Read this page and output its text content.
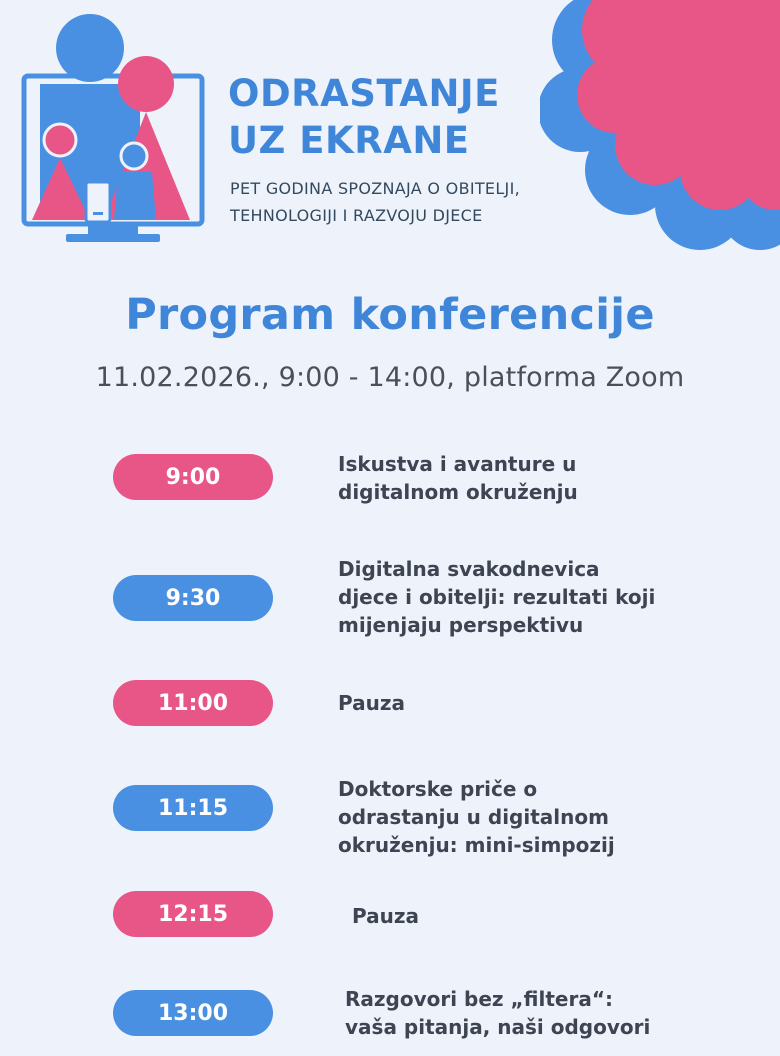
ODRASTANJE
UZ EKRANE
PET GODINA SPOZNAJA O OBITELJI,
TEHNOLOGIJI I RAZVOJU DJECE
Program konferencije
11.02.2026., 9:00 - 14:00, platforma Zoom
9:00
Iskustva i avanture u
digitalnom okruženju
9:30
Digitalna svakodnevica
djece i obitelji: rezultati koji
mijenjaju perspektivu
11:00	Pauza
11:15
Doktorske priče o
odrastanju u digitalnom
okruženju: mini-simpozij
12:15	Pauza
13:00
Razgovori bez „filtera“:
vaša pitanja, naši odgovori
